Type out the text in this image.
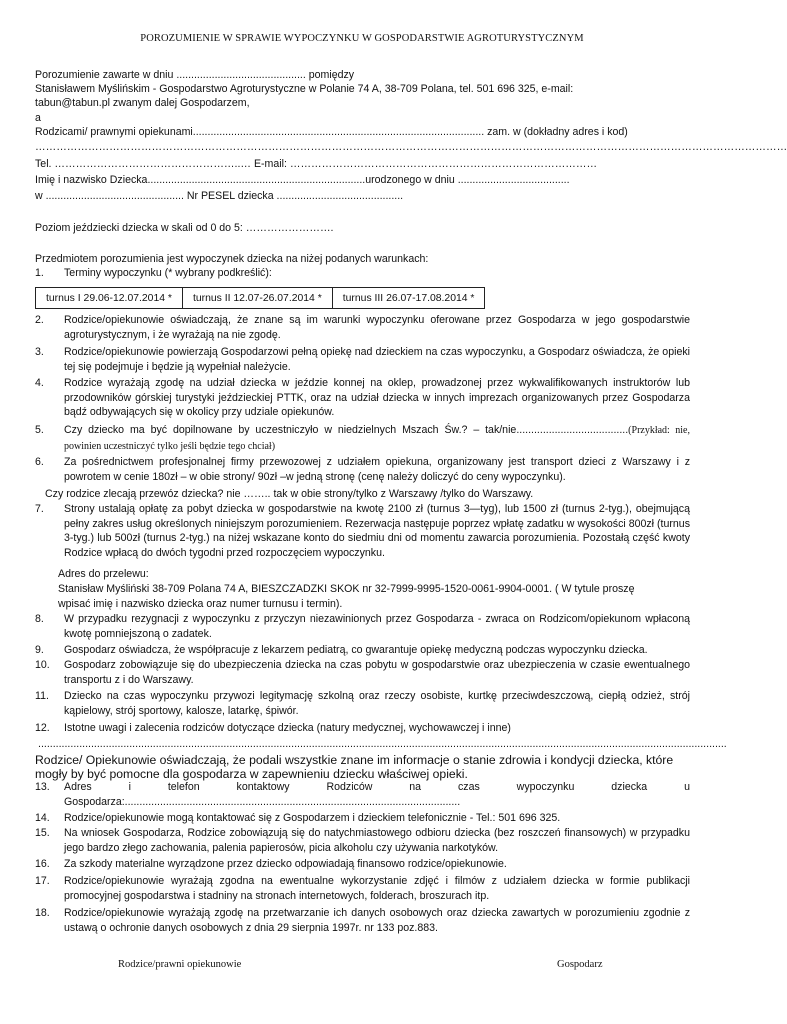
POROZUMIENIE W SPRAWIE WYPOCZYNKU W GOSPODARSTWIE AGROTURYSTYCZNYM
Porozumienie zawarte w dniu ............................................ pomiędzy
Stanisławem Myślińskim - Gospodarstwo Agroturystyczne w Polanie 74 A, 38-709 Polana, tel. 501 696 325, e-mail:
tabun@tabun.pl zwanym dalej Gospodarzem,
a
Rodzicami/ prawnymi opiekunami................................................................................................... zam. w (dokładny adres i kod)
……………………………………………………………………………………………………………………………………………………………………………………………
Tel. ……………………………………………..… E-mail: ……………………………………………………………………………
Imię i nazwisko Dziecka..........................................................................urodzonego w dniu ......................................
w ............................................... Nr PESEL dziecka ...........................................
Poziom jeździecki dziecka w skali od 0 do 5: …………………….
Przedmiotem porozumienia jest wypoczynek dziecka na niżej podanych warunkach:
1. Terminy wypoczynku (* wybrany podkreślić):
turnus I 29.06-12.07.2014 *	turnus II 12.07-26.07.2014 *	turnus III 26.07-17.08.2014 *
2. Rodzice/opiekunowie oświadczają, że znane są im warunki wypoczynku oferowane przez Gospodarza w jego gospodarstwie agroturystycznym, i że wyrażają na nie zgodę.
3. Rodzice/opiekunowie powierzają Gospodarzowi pełną opiekę nad dzieckiem na czas wypoczynku, a Gospodarz oświadcza, że opieki tej się podejmuje i będzie ją wypełniał należycie.
4. Rodzice wyrażają zgodę na udział dziecka w jeździe konnej na oklep, prowadzonej przez wykwalifikowanych instruktorów lub przodowników górskiej turystyki jeździeckiej PTTK, oraz na udział dziecka w innych imprezach organizowanych przez Gospodarza bądź odbywających się w okolicy przy udziale opiekunów.
5. Czy dziecko ma być dopilnowane by uczestniczyło w niedzielnych Mszach Św.? – tak/nie......................................(Przykład: nie, powinien uczestniczyć tylko jeśli będzie tego chciał)
6. Za pośrednictwem profesjonalnej firmy przewozowej z udziałem opiekuna, organizowany jest transport dzieci z Warszawy i z powrotem w cenie 180zł – w obie strony/ 90zł –w jedną stronę (cenę należy doliczyć do ceny wypoczynku).
Czy rodzice zlecają przewóz dziecka? nie …….. tak w obie strony/tylko z Warszawy /tylko do Warszawy.
7. Strony ustalają opłatę za pobyt dziecka w gospodarstwie na kwotę 2100 zł (turnus 3—tyg), lub 1500 zł (turnus 2-tyg.), obejmującą pełny zakres usług określonych niniejszym porozumieniem. Rezerwacja następuje poprzez wpłatę zadatku w wysokości 800zł (turnus 3-tyg.) lub 500zł (turnus 2-tyg.) na niżej wskazane konto do siedmiu dni od momentu zawarcia porozumienia. Pozostałą część kwoty Rodzice wpłacą do dwóch tygodni przed rozpoczęciem wypoczynku.
Adres do przelewu:
Stanisław Myśliński 38-709 Polana 74 A, BIESZCZADZKI SKOK nr 32-7999-9995-1520-0061-9904-0001. ( W tytule proszę
wpisać imię i nazwisko dziecka oraz numer turnusu i termin).
8. W przypadku rezygnacji z wypoczynku z przyczyn niezawinionych przez Gospodarza - zwraca on Rodzicom/opiekunom wpłaconą kwotę pomniejszoną o zadatek.
9. Gospodarz oświadcza, że współpracuje z lekarzem pediatrą, co gwarantuje opiekę medyczną podczas wypoczynku dziecka.
10. Gospodarz zobowiązuje się do ubezpieczenia dziecka na czas pobytu w gospodarstwie oraz ubezpieczenia w czasie ewentualnego transportu z i do Warszawy.
11. Dziecko na czas wypoczynku przywozi legitymację szkolną oraz rzeczy osobiste, kurtkę przeciwdeszczową, ciepłą odzież, strój kąpielowy, strój sportowy, kalosze, latarkę, śpiwór.
12. Istotne uwagi i zalecenia rodziców dotyczące dziecka (natury medycznej, wychowawczej i inne)
..........................................................................................................................................................................................................................................
Rodzice/ Opiekunowie oświadczają, że podali wszystkie znane im informacje o stanie zdrowia i kondycji dziecka, które mogły by być pomocne dla gospodarza w zapewnieniu dziecku właściwej opieki.
13. Adres i telefon kontaktowy Rodziców na czas wypoczynku dziecka u Gospodarza:..................................................................................................................
14. Rodzice/opiekunowie mogą kontaktować się z Gospodarzem i dzieckiem telefonicznie - Tel.: 501 696 325.
15. Na wniosek Gospodarza, Rodzice zobowiązują się do natychmiastowego odbioru dziecka (bez roszczeń finansowych) w przypadku jego bardzo złego zachowania, palenia papierosów, picia alkoholu czy używania narkotyków.
16. Za szkody materialne wyrządzone przez dziecko odpowiadają finansowo rodzice/opiekunowie.
17. Rodzice/opiekunowie wyrażają zgodna na ewentualne wykorzystanie zdjęć i filmów z udziałem dziecka w formie publikacji promocyjnej gospodarstwa i stadniny na stronach internetowych, folderach, broszurach itp.
18. Rodzice/opiekunowie wyrażają zgodę na przetwarzanie ich danych osobowych oraz dziecka zawartych w porozumieniu zgodnie z ustawą o ochronie danych osobowych z dnia 29 sierpnia 1997r. nr 133 poz.883.
Rodzice/prawni opiekunowie	Gospodarz
